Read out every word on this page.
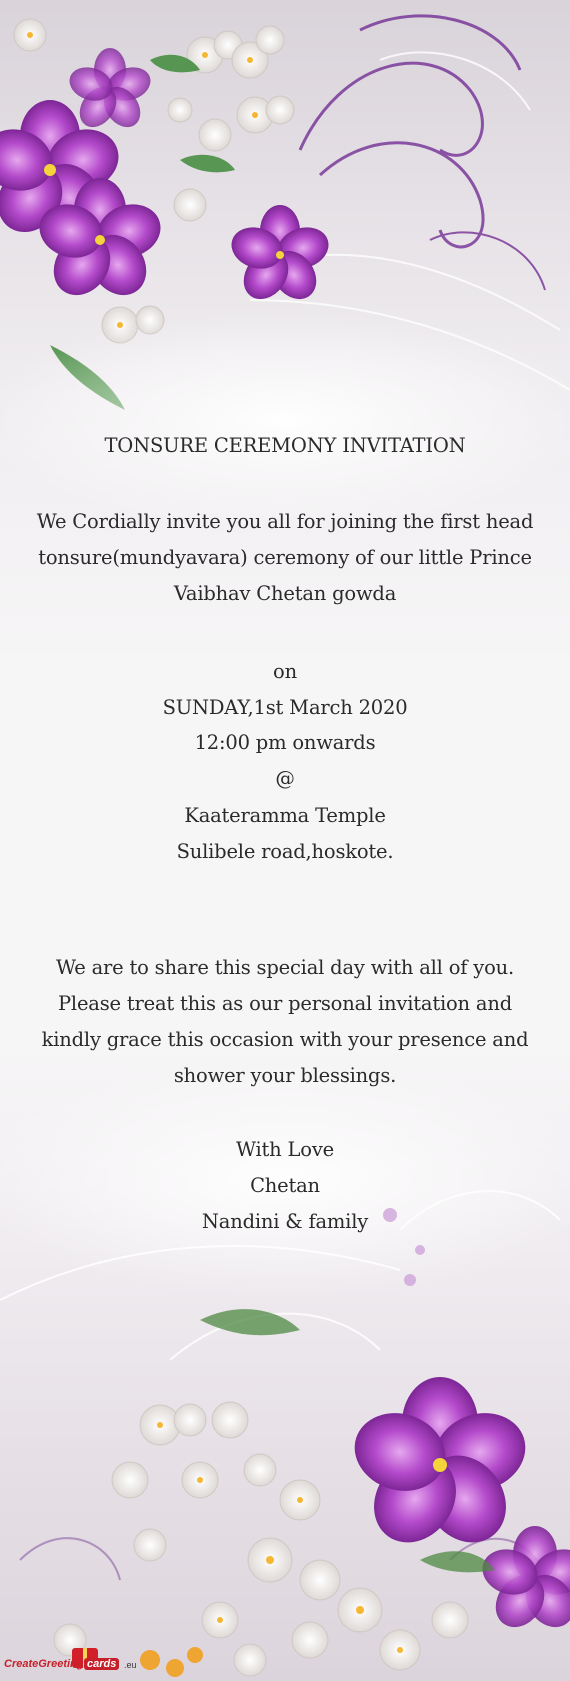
TONSURE CEREMONY INVITATION
We Cordially invite you all for joining the first head
tonsure(mundyavara) ceremony of our little Prince
Vaibhav Chetan gowda
on
SUNDAY,1st March 2020
12:00 pm onwards
@
Kaateramma Temple
Sulibele road,hoskote.
We are to share this special day with all of you.
Please treat this as our personal invitation and
kindly grace this occasion with your presence and
shower your blessings.
With Love
Chetan
Nandini & family
CreateGreeting cards .eu
